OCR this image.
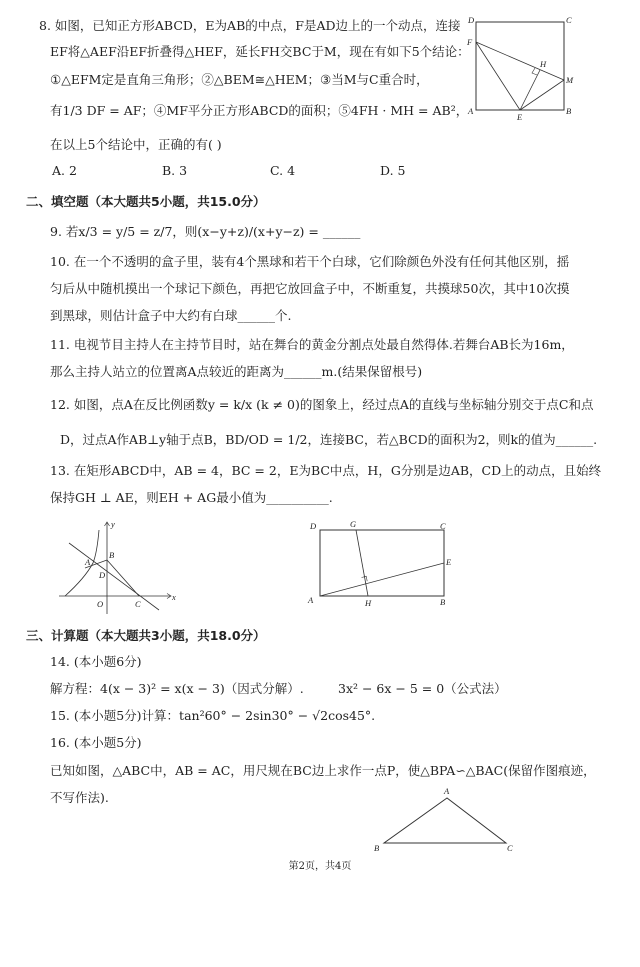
8. 如图，已知正方形ABCD，E为AB的中点，F是AD边上的一个动点，连接
EF将△AEF沿EF折叠得△HEF，延长FH交BC于M，现在有如下5个结论：
①△EFM定是直角三角形；②△BEM≅△HEM；③当M与C重合时，
有1/3 DF = AF；④MF平分正方形ABCD的面积；⑤4FH · MH = AB²，
在以上5个结论中，正确的有( )
A. 2	B. 3	C. 4	D. 5
D	C
F
H
M
A
E
B
二、填空题（本大题共5小题，共15.0分）
9. 若x/3 = y/5 = z/7，则(x−y+z)/(x+y−z) = ______
10. 在一个不透明的盒子里，装有4个黑球和若干个白球，它们除颜色外没有任何其他区别，摇
匀后从中随机摸出一个球记下颜色，再把它放回盒子中，不断重复，共摸球50次，其中10次摸
到黑球，则估计盒子中大约有白球______个.
11. 电视节目主持人在主持节目时，站在舞台的黄金分割点处最自然得体.若舞台AB长为16m，
那么主持人站立的位置离A点较近的距离为______m.(结果保留根号)
12. 如图，点A在反比例函数y = k/x (k ≠ 0)的图象上，经过点A的直线与坐标轴分别交于点C和点
D，过点A作AB⊥y轴于点B，BD/OD = 1/2，连接BC，若△BCD的面积为2，则k的值为______.
13. 在矩形ABCD中，AB = 4，BC = 2，E为BC中点，H，G分别是边AB，CD上的动点，且始终
保持GH ⊥ AE，则EH + AG最小值为__________.
y
B
A
D
O	C
x
D	G	C
E
A	H	B
三、计算题（本大题共3小题，共18.0分）
14. (本小题6分)
解方程：4(x − 3)² = x(x − 3)（因式分解）.	3x² − 6x − 5 = 0（公式法）
15. (本小题5分)计算：tan²60° − 2sin30° − √2cos45°.
16. (本小题5分)
已知如图，△ABC中，AB = AC，用尺规在BC边上求作一点P，使△BPA∽△BAC(保留作图痕迹，
不写作法).	A
B	C
第2页，共4页
